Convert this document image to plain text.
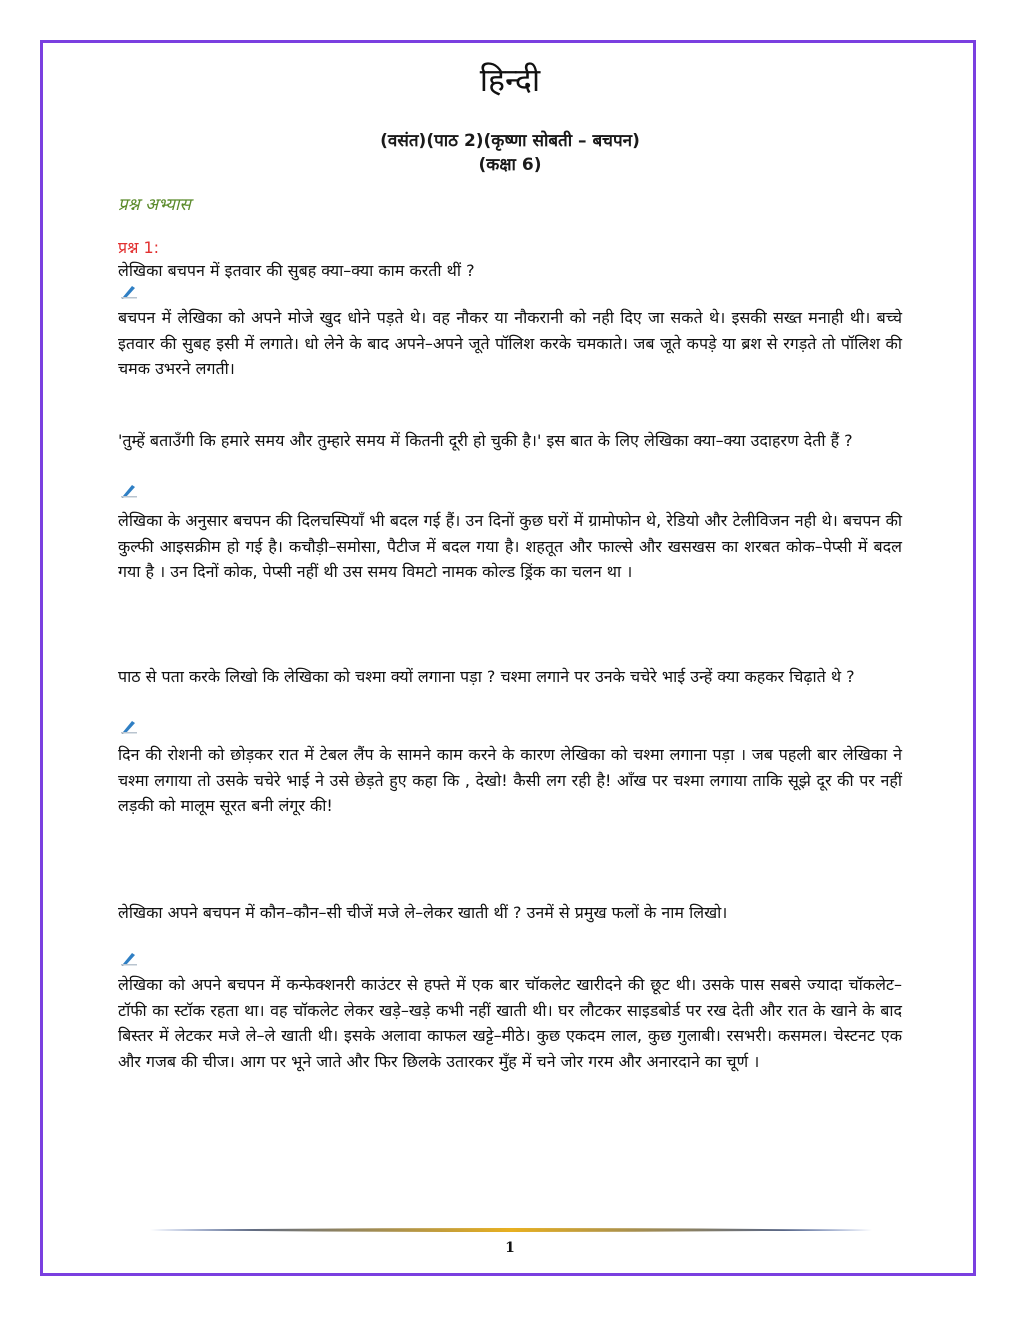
हिन्दी
(वसंत)(पाठ 2)(कृष्णा सोबती – बचपन)
(कक्षा 6)
प्रश्न अभ्यास
प्रश्न 1:
लेखिका बचपन में इतवार की सुबह क्या–क्या काम करती थीं ?
बचपन में लेखिका को अपने मोजे खुद धोने पड़ते थे। वह नौकर या नौकरानी को नही दिए जा सकते थे। इसकी सख्त मनाही थी। बच्चे इतवार की सुबह इसी में लगाते। धो लेने के बाद अपने–अपने जूते पॉलिश करके चमकाते। जब जूते कपड़े या ब्रश से रगड़ते तो पॉलिश की चमक उभरने लगती।
'तुम्हें बताउँगी कि हमारे समय और तुम्हारे समय में कितनी दूरी हो चुकी है।' इस बात के लिए लेखिका क्या–क्या उदाहरण देती हैं ?
लेखिका के अनुसार बचपन की दिलचस्पियाँ भी बदल गई हैं। उन दिनों कुछ घरों में ग्रामोफोन थे, रेडियो और टेलीविजन नही थे। बचपन की कुल्फी आइसक्रीम हो गई है। कचौड़ी–समोसा, पैटीज में बदल गया है। शहतूत और फाल्से और खसखस का शरबत कोक–पेप्सी में बदल गया है । उन दिनों कोक, पेप्सी नहीं थी उस समय विमटो नामक कोल्ड ड्रिंक का चलन था ।
पाठ से पता करके लिखो कि लेखिका को चश्मा क्यों लगाना पड़ा ? चश्मा लगाने पर उनके चचेरे भाई उन्हें क्या कहकर चिढ़ाते थे ?
दिन की रोशनी को छोड़कर रात में टेबल लैंप के सामने काम करने के कारण लेखिका को चश्मा लगाना पड़ा । जब पहली बार लेखिका ने चश्मा लगाया तो उसके चचेरे भाई ने उसे छेड़ते हुए कहा कि , देखो! कैसी लग रही है! आँख पर चश्मा लगाया ताकि सूझे दूर की पर नहीं लड़की को मालूम सूरत बनी लंगूर की!
लेखिका अपने बचपन में कौन–कौन–सी चीजें मजे ले–लेकर खाती थीं ? उनमें से प्रमुख फलों के नाम लिखो।
लेखिका को अपने बचपन में कन्फेक्शनरी काउंटर से हफ्ते में एक बार चॉकलेट खारीदने की छूट थी। उसके पास सबसे ज्यादा चॉकलेट–टॉफी का स्टॉक रहता था। वह चॉकलेट लेकर खड़े–खड़े कभी नहीं खाती थी। घर लौटकर साइडबोर्ड पर रख देती और रात के खाने के बाद बिस्तर में लेटकर मजे ले–ले खाती थी। इसके अलावा काफल खट्टे–मीठे। कुछ एकदम लाल, कुछ गुलाबी। रसभरी। कसमल। चेस्टनट एक और गजब की चीज। आग पर भूने जाते और फिर छिलके उतारकर मुँह में चने जोर गरम और अनारदाने का चूर्ण ।
1
